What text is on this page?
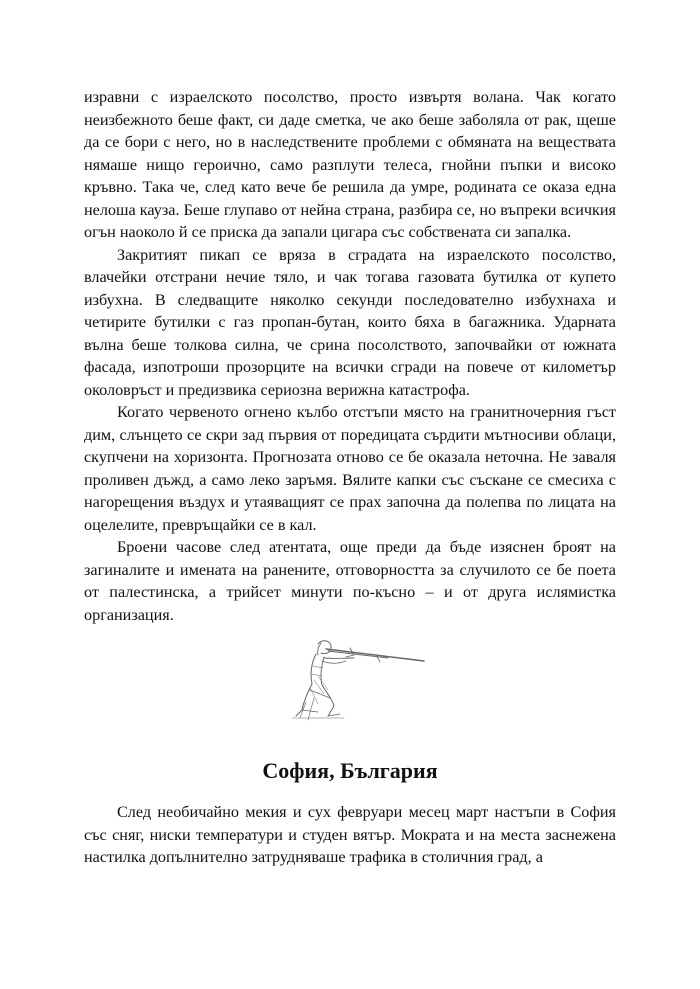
изравни с израелското посолство, просто извъртя волана. Чак когато неизбежното беше факт, си даде сметка, че ако беше заболяла от рак, щеше да се бори с него, но в наследствените проблеми с обмяната на веществата нямаше нищо героично, само разплути телеса, гнойни пъпки и високо кръвно. Така че, след като вече бе решила да умре, родината се оказа една нелоша кауза. Беше глупаво от нейна страна, разбира се, но въпреки всичкия огън наоколо й се приска да запали цигара със собствената си запалка.

Закритият пикап се вряза в сградата на израелското посолство, влачейки отстрани нечие тяло, и чак тогава газовата бутилка от купето избухна. В следващите няколко секунди последователно избухнаха и четирите бутилки с газ пропан-бутан, които бяха в багажника. Ударната вълна беше толкова силна, че срина посолството, започвайки от южната фасада, изпотроши прозорците на всички сгради на повече от километър околовръст и предизвика сериозна верижна катастрофа.

Когато червеното огнено кълбо отстъпи място на гранитночерния гъст дим, слънцето се скри зад първия от поредицата сърдити мътносиви облаци, скупчени на хоризонта. Прогнозата отново се бе оказала неточна. Не заваля проливен дъжд, а само леко заръмя. Вялите капки със съскане се смесиха с нагорещения въздух и утаяващият се прах започна да полепва по лицата на оцелелите, превръщайки се в кал.

Броени часове след атентата, още преди да бъде изяснен броят на загиналите и имената на ранените, отговорността за случилото се бе поета от палестинска, а трийсет минути по-късно – и от друга ислямистка организация.

София, България

След необичайно мекия и сух февруари месец март настъпи в София със сняг, ниски температури и студен вятър. Мократа и на места заснежена настилка допълнително затрудняваше трафика в столичния град, а
